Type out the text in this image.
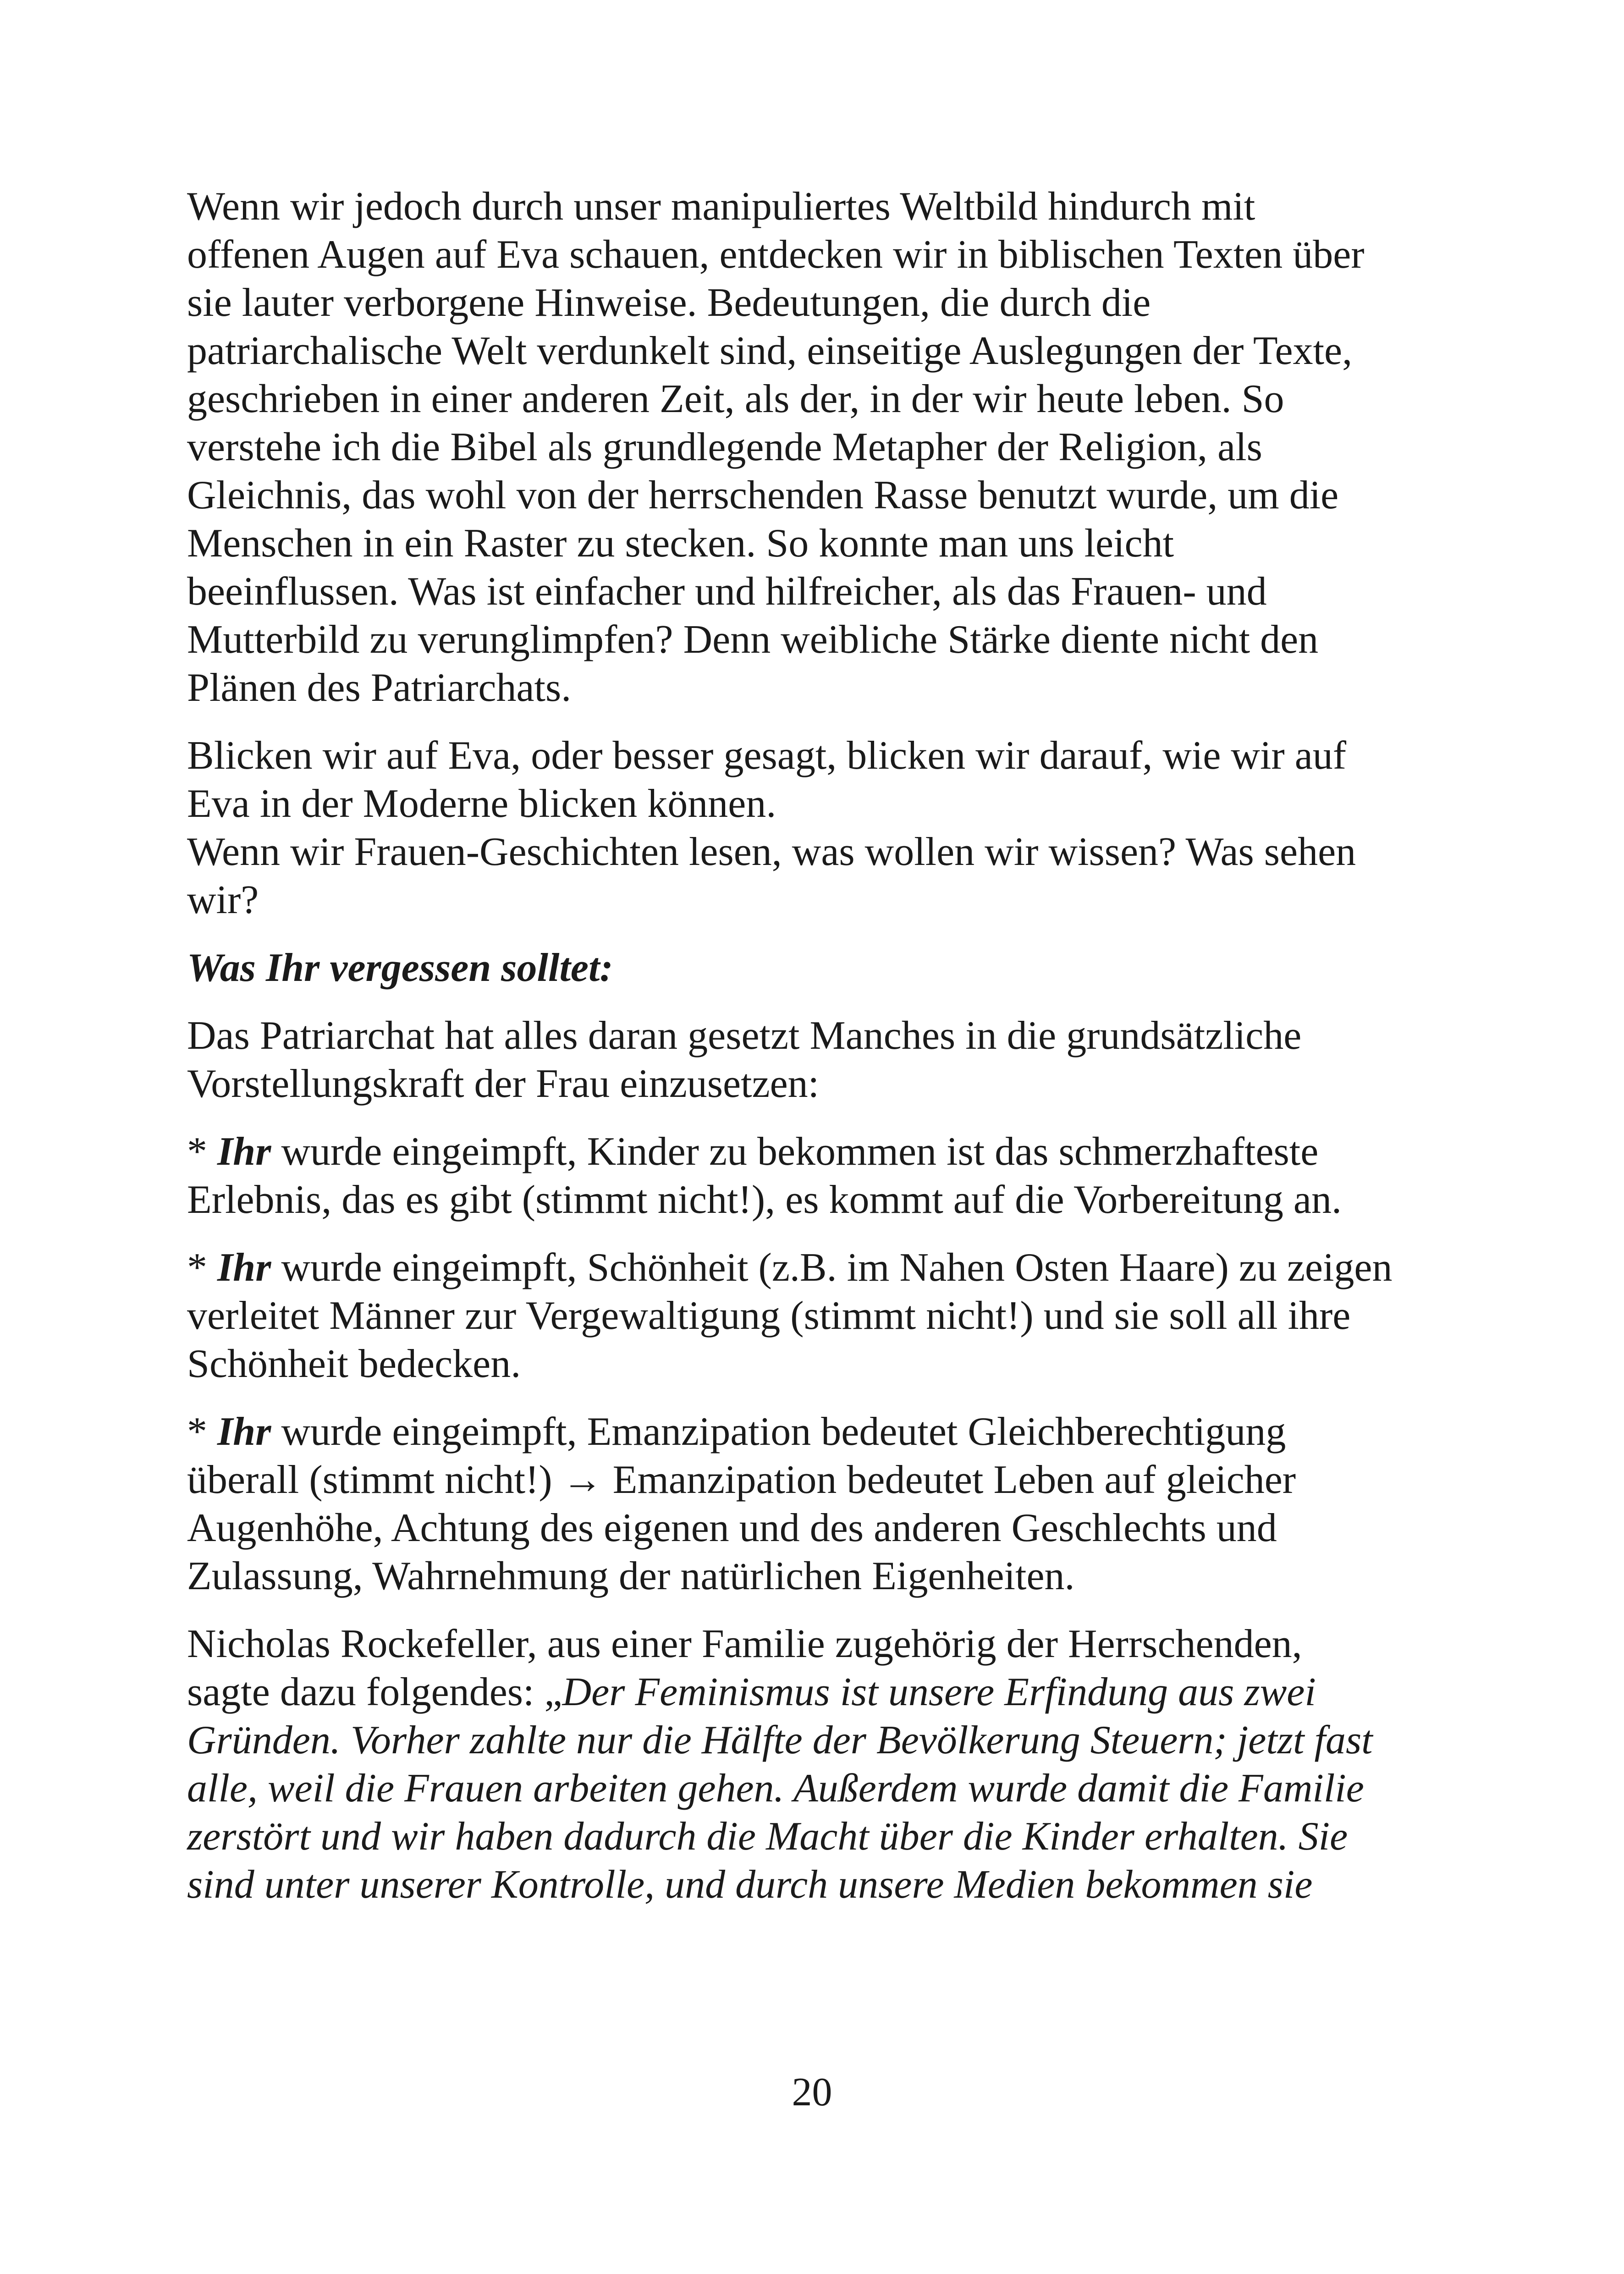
Wenn wir jedoch durch unser manipuliertes Weltbild hindurch mit
offenen Augen auf Eva schauen, entdecken wir in biblischen Texten über
sie lauter verborgene Hinweise. Bedeutungen, die durch die
patriarchalische Welt verdunkelt sind, einseitige Auslegungen der Texte,
geschrieben in einer anderen Zeit, als der, in der wir heute leben. So
verstehe ich die Bibel als grundlegende Metapher der Religion, als
Gleichnis, das wohl von der herrschenden Rasse benutzt wurde, um die
Menschen in ein Raster zu stecken. So konnte man uns leicht
beeinflussen. Was ist einfacher und hilfreicher, als das Frauen- und
Mutterbild zu verunglimpfen? Denn weibliche Stärke diente nicht den
Plänen des Patriarchats.

Blicken wir auf Eva, oder besser gesagt, blicken wir darauf, wie wir auf
Eva in der Moderne blicken können.
Wenn wir Frauen-Geschichten lesen, was wollen wir wissen? Was sehen
wir?

Was Ihr vergessen solltet:

Das Patriarchat hat alles daran gesetzt Manches in die grundsätzliche
Vorstellungskraft der Frau einzusetzen:

* Ihr wurde eingeimpft, Kinder zu bekommen ist das schmerzhafteste
Erlebnis, das es gibt (stimmt nicht!), es kommt auf die Vorbereitung an.

* Ihr wurde eingeimpft, Schönheit (z.B. im Nahen Osten Haare) zu zeigen
verleitet Männer zur Vergewaltigung (stimmt nicht!) und sie soll all ihre
Schönheit bedecken.

* Ihr wurde eingeimpft, Emanzipation bedeutet Gleichberechtigung
überall (stimmt nicht!) → Emanzipation bedeutet Leben auf gleicher
Augenhöhe, Achtung des eigenen und des anderen Geschlechts und
Zulassung, Wahrnehmung der natürlichen Eigenheiten.

Nicholas Rockefeller, aus einer Familie zugehörig der Herrschenden,
sagte dazu folgendes: „Der Feminismus ist unsere Erfindung aus zwei
Gründen. Vorher zahlte nur die Hälfte der Bevölkerung Steuern; jetzt fast
alle, weil die Frauen arbeiten gehen. Außerdem wurde damit die Familie
zerstört und wir haben dadurch die Macht über die Kinder erhalten. Sie
sind unter unserer Kontrolle, und durch unsere Medien bekommen sie

20
